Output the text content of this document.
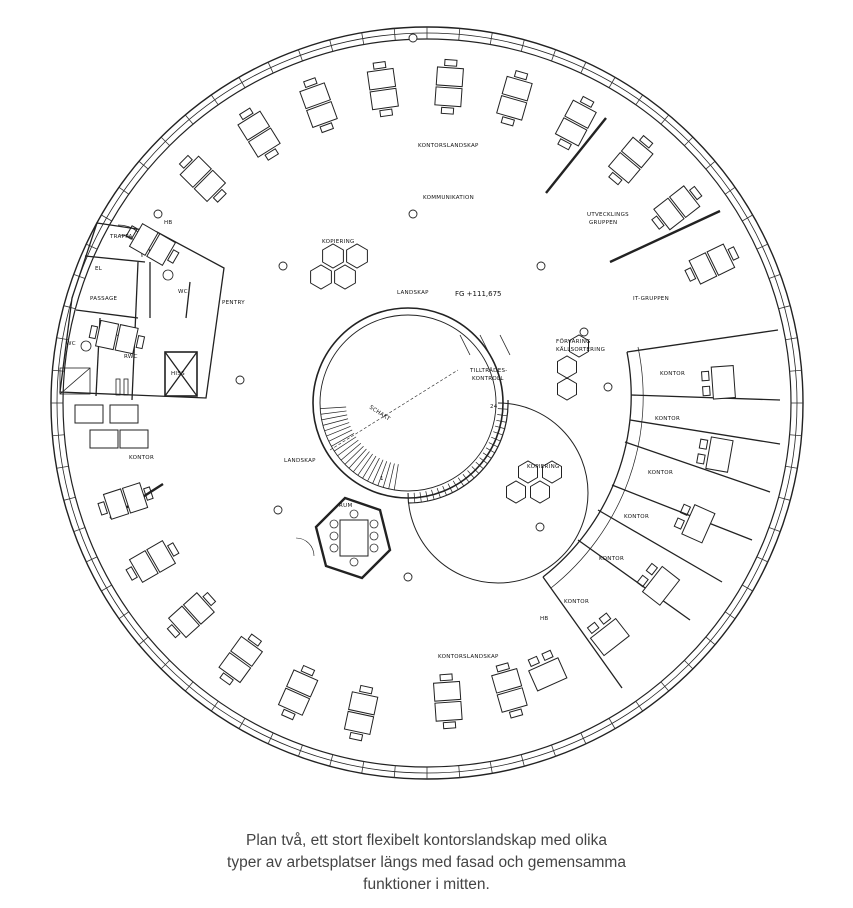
KONTORSLANDSKAP
KOMMUNIKATION
KOPIERING
LANDSKAP	FG +111,675
UTVECKLINGS
GRUPPEN
IT-GRUPPEN
FÖRVARING
KÄLLSORTERING
TILLTRÄDES-
KONTROLL
TRAPPA
EL
PASSAGE
WC
PENTRY
WC
RWC
HISS
HB
HB
KONTOR	LANDSKAP
SCHAKT
RUM
KOPIERING
KONTORSLANDSKAP
KONTOR
KONTOR
KONTOR
KONTOR
KONTOR
KONTOR
1
24
Plan två, ett stort flexibelt kontorslandskap med olika
typer av arbetsplatser längs med fasad och gemensamma
funktioner i mitten.
